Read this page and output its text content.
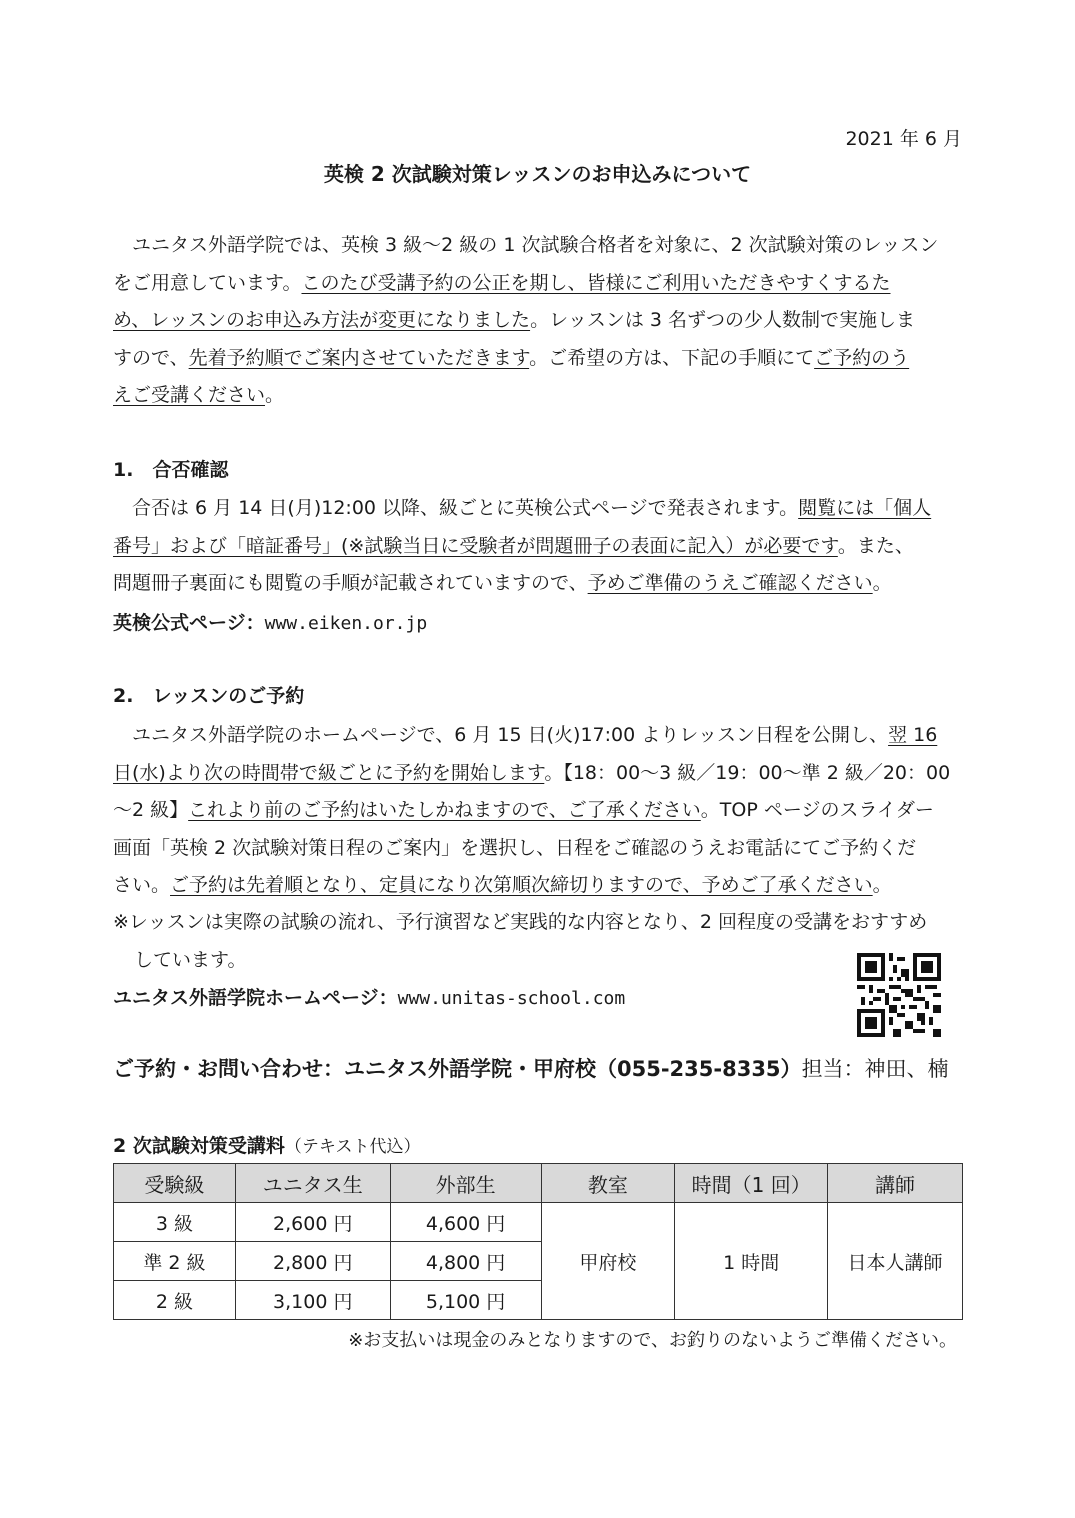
2021 年 6 月
英検 2 次試験対策レッスンのお申込みについて
　ユニタス外語学院では、英検 3 級～2 級の 1 次試験合格者を対象に、2 次試験対策のレッスン
をご用意しています。このたび受講予約の公正を期し、皆様にご利用いただきやすくするた
め、レッスンのお申込み方法が変更になりました。レッスンは 3 名ずつの少人数制で実施しま
すので、先着予約順でご案内させていただきます。ご希望の方は、下記の手順にてご予約のう
えご受講ください。
1.　合否確認
　合否は 6 月 14 日(月)12:00 以降、級ごとに英検公式ページで発表されます。閲覧には「個人
番号」および「暗証番号」(※試験当日に受験者が問題冊子の表面に記入）が必要です。また、
問題冊子裏面にも閲覧の手順が記載されていますので、予めご準備のうえご確認ください。
英検公式ページ：www.eiken.or.jp
2.　レッスンのご予約
　ユニタス外語学院のホームページで、6 月 15 日(火)17:00 よりレッスン日程を公開し、翌 16
日(水)より次の時間帯で級ごとに予約を開始します。【18：00～3 級／19：00～準 2 級／20：00
～2 級】これより前のご予約はいたしかねますので、ご了承ください。TOP ページのスライダー
画面「英検 2 次試験対策日程のご案内」を選択し、日程をご確認のうえお電話にてご予約くだ
さい。ご予約は先着順となり、定員になり次第順次締切りますので、予めご了承ください。
※レッスンは実際の試験の流れ、予行演習など実践的な内容となり、2 回程度の受講をおすすめ
しています。
ユニタス外語学院ホームページ：www.unitas-school.com
ご予約・お問い合わせ：ユニタス外語学院・甲府校（055-235-8335）担当：神田、楠
2 次試験対策受講料（テキスト代込）
受験級	ユニタス生	外部生	教室	時間（1 回）	講師
3 級	2,600 円	4,600 円	甲府校	1 時間	日本人講師
準 2 級	2,800 円	4,800 円			
2 級	3,100 円	5,100 円			
※お支払いは現金のみとなりますので、お釣りのないようご準備ください。
